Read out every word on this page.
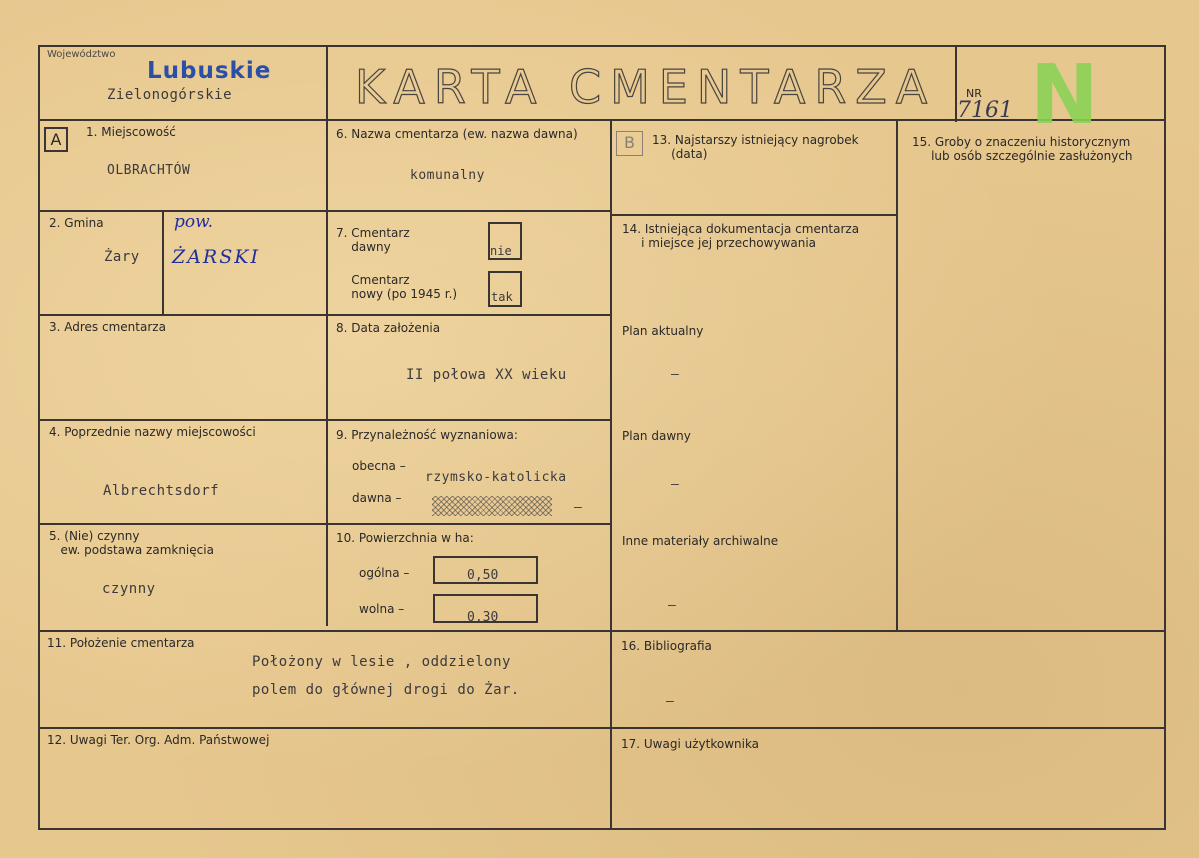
Województwo
Lubuskie
Zielonogórskie	KARTA CMENTARZA	NR N
7161
A	B
1. Miejscowość
OLBRACHTÓW
2. Gmina
Żary
pow.
ŻARSKI
3. Adres cmentarza
4. Poprzednie nazwy miejscowości
Albrechtsdorf
5. (Nie) czynny
ew. podstawa zamknięcia
czynny
6. Nazwa cmentarza (ew. nazwa dawna)
komunalny
7. Cmentarz
dawny	nie
Cmentarz
nowy (po 1945 r.)	tak
8. Data założenia
II połowa XX wieku
9. Przynależność wyznaniowa:
obecna –
rzymsko-katolicka
dawna –
–
10. Powierzchnia w ha:
ogólna –	0,50
wolna –
0,30
11. Położenie cmentarza
Położony w lesie , oddzielony
polem do głównej drogi do Żar.
12. Uwagi Ter. Org. Adm. Państwowej
13. Najstarszy istniejący nagrobek
(data)
14. Istniejąca dokumentacja cmentarza
i miejsce jej przechowywania
Plan aktualny
–
Plan dawny
–
Inne materiały archiwalne
–
15. Groby o znaczeniu historycznym
lub osób szczególnie zasłużonych
16. Bibliografia
–
17. Uwagi użytkownika
